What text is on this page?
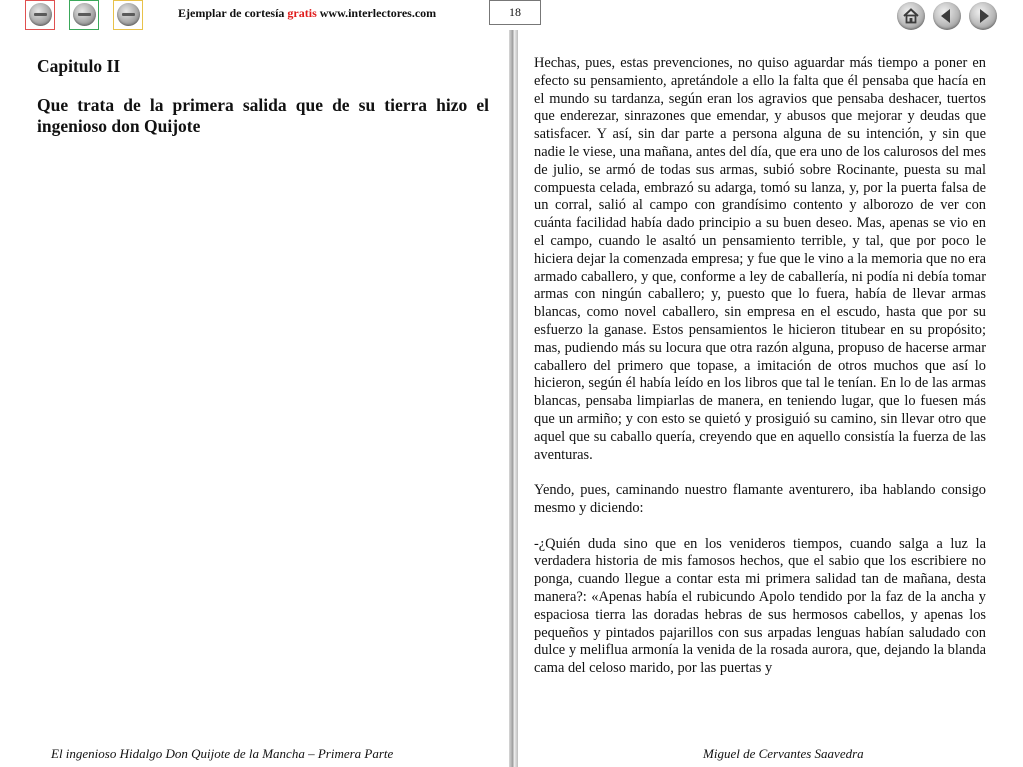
Ejemplar de cortesía gratis www.interlectores.com	18
Capitulo II
Que trata de la primera salida que de su tierra hizo el ingenioso don Quijote

Hechas, pues, estas prevenciones, no quiso aguardar más tiempo a poner en efecto su pensamiento, apretándole a ello la falta que él pensaba que hacía en el mundo su tardanza, según eran los agravios que pensaba deshacer, tuertos que enderezar, sinrazones que emendar, y abusos que mejorar y deudas que satisfacer. Y así, sin dar parte a persona alguna de su intención, y sin que nadie le viese, una mañana, antes del día, que era uno de los calurosos del mes de julio, se armó de todas sus armas, subió sobre Rocinante, puesta su mal compuesta celada, embrazó su adarga, tomó su lanza, y, por la puerta falsa de un corral, salió al campo con grandísimo contento y alborozo de ver con cuánta facilidad había dado principio a su buen deseo. Mas, apenas se vio en el campo, cuando le asaltó un pensamiento terrible, y tal, que por poco le hiciera dejar la comenzada empresa; y fue que le vino a la memoria que no era armado caballero, y que, conforme a ley de caballería, ni podía ni debía tomar armas con ningún caballero; y, puesto que lo fuera, había de llevar armas blancas, como novel caballero, sin empresa en el escudo, hasta que por su esfuerzo la ganase. Estos pensamientos le hicieron titubear en su propósito; mas, pudiendo más su locura que otra razón alguna, propuso de hacerse armar caballero del primero que topase, a imitación de otros muchos que así lo hicieron, según él había leído en los libros que tal le tenían. En lo de las armas blancas, pensaba limpiarlas de manera, en teniendo lugar, que lo fuesen más que un armiño; y con esto se quietó y prosiguió su camino, sin llevar otro que aquel que su caballo quería, creyendo que en aquello consistía la fuerza de las aventuras.

Yendo, pues, caminando nuestro flamante aventurero, iba hablando consigo mesmo y diciendo:

-¿Quién duda sino que en los venideros tiempos, cuando salga a luz la verdadera historia de mis famosos hechos, que el sabio que los escribiere no ponga, cuando llegue a contar esta mi primera salidad tan de mañana, desta manera?: «Apenas había el rubicundo Apolo tendido por la faz de la ancha y espaciosa tierra las doradas hebras de sus hermosos cabellos, y apenas los pequeños y pintados pajarillos con sus arpadas lenguas habían saludado con dulce y meliflua armonía la venida de la rosada aurora, que, dejando la blanda cama del celoso marido, por las puertas y

El ingenioso Hidalgo Don Quijote de la Mancha – Primera Parte	Miguel de Cervantes Saavedra
